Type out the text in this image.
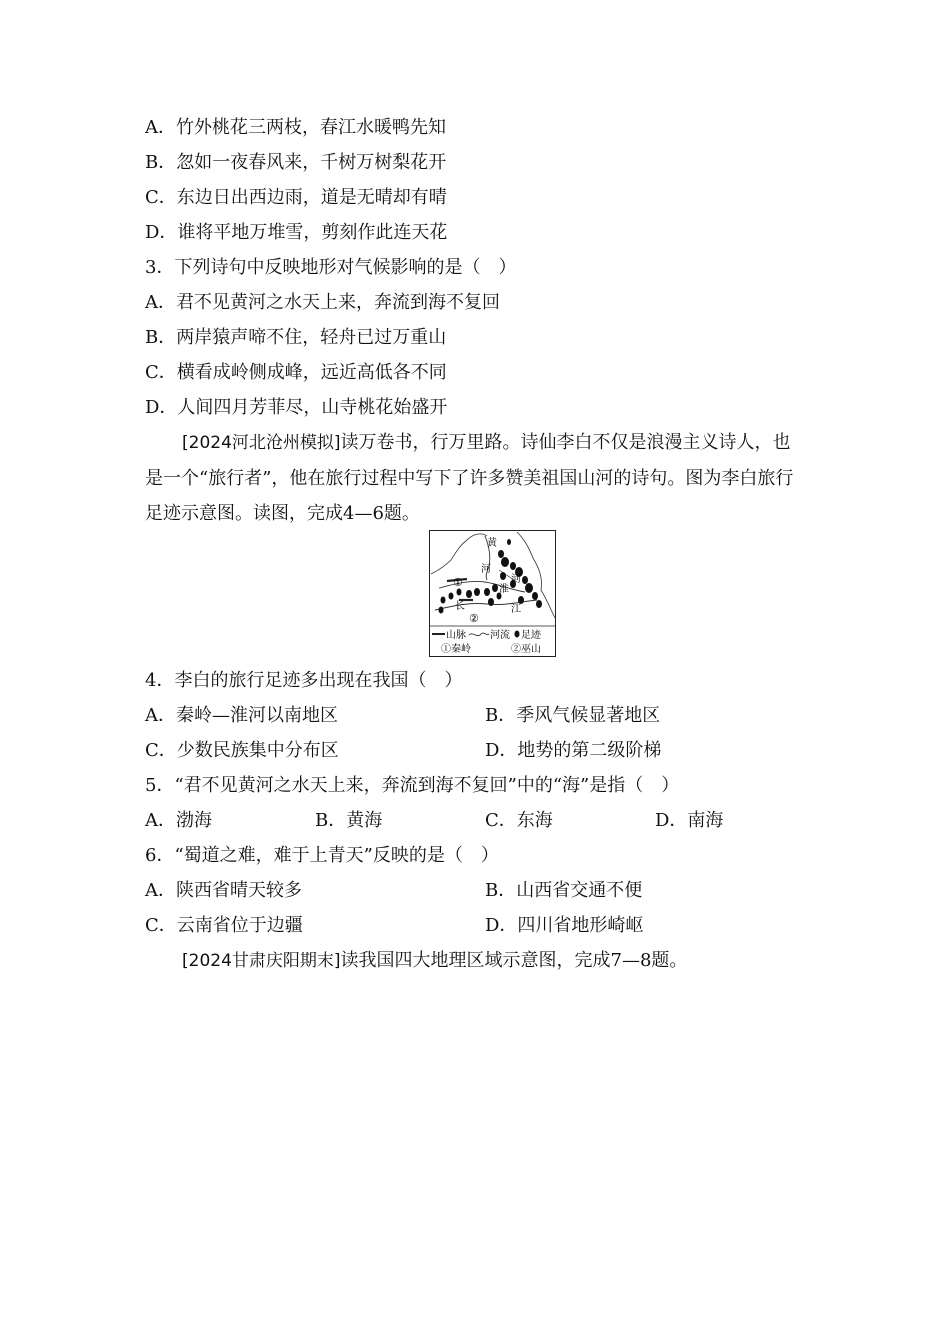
A．竹外桃花三两枝，春江水暖鸭先知
B．忽如一夜春风来，千树万树梨花开
C．东边日出西边雨，道是无晴却有晴
D．谁将平地万堆雪，剪刻作此连天花
3．下列诗句中反映地形对气候影响的是（　）
A．君不见黄河之水天上来，奔流到海不复回
B．两岸猿声啼不住，轻舟已过万重山
C．横看成岭侧成峰，远近高低各不同
D．人间四月芳菲尽，山寺桃花始盛开
[2024河北沧州模拟]读万卷书，行万里路。诗仙李白不仅是浪漫主义诗人，也是一个“旅行者”，他在旅行过程中写下了许多赞美祖国山河的诗句。图为李白旅行足迹示意图。读图，完成4—6题。
黄
河
淮
河
长	江
①
②
山脉 河流 足迹
①秦岭	②巫山
4．李白的旅行足迹多出现在我国（　）
A．秦岭—淮河以南地区	B．季风气候显著地区
C．少数民族集中分布区	D．地势的第二级阶梯
5．“君不见黄河之水天上来，奔流到海不复回”中的“海”是指（　）
A．渤海	B．黄海	C．东海	D．南海
6．“蜀道之难，难于上青天”反映的是（　）
A．陕西省晴天较多	B．山西省交通不便
C．云南省位于边疆	D．四川省地形崎岖
[2024甘肃庆阳期末]读我国四大地理区域示意图，完成7—8题。
